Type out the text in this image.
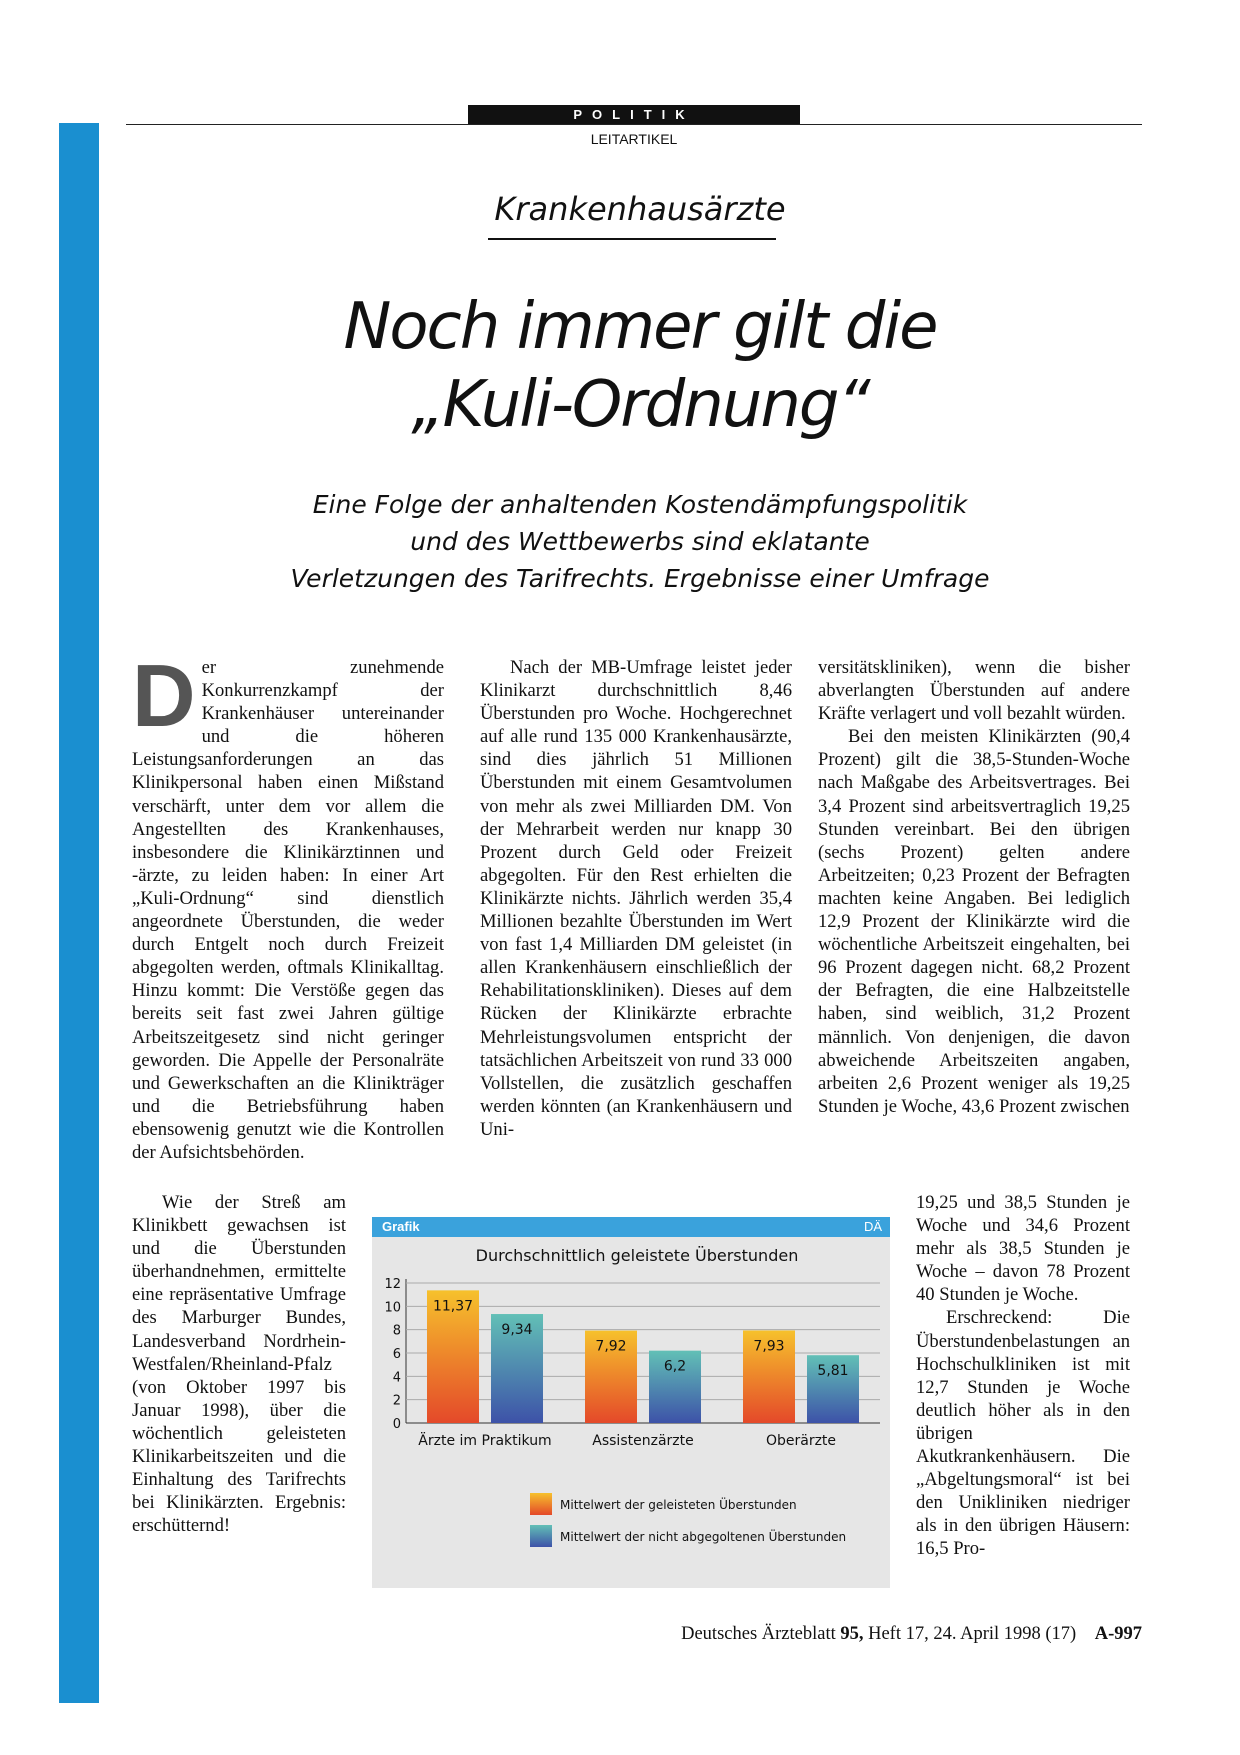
POLITIK
LEITARTIKEL
Krankenhausärzte
Noch immer gilt die
„Kuli-Ordnung“
Eine Folge der anhaltenden Kostendämpfungspolitik
und des Wettbewerbs sind eklatante
Verletzungen des Tarifrechts. Ergebnisse einer Umfrage

Der zunehmende Konkurrenzkampf der Krankenhäuser untereinander und die höheren Leistungsanforderungen an das Klinikpersonal haben einen Mißstand verschärft, unter dem vor allem die Angestellten des Krankenhauses, insbesondere die Klinikärztinnen und -ärzte, zu leiden haben: In einer Art „Kuli-Ordnung“ sind dienstlich angeordnete Überstunden, die weder durch Entgelt noch durch Freizeit abgegolten werden, oftmals Klinikalltag. Hinzu kommt: Die Verstöße gegen das bereits seit fast zwei Jahren gültige Arbeitszeitgesetz sind nicht geringer geworden. Die Appelle der Personalräte und Gewerkschaften an die Klinikträger und die Betriebsführung haben ebensowenig genutzt wie die Kontrollen der Aufsichtsbehörden.

Wie der Streß am Klinikbett gewachsen ist und die Überstunden überhandnehmen, ermittelte eine repräsentative Umfrage des Marburger Bundes, Landesverband Nordrhein-Westfalen/Rheinland-Pfalz (von Oktober 1997 bis Januar 1998), über die wöchentlich geleisteten Klinikarbeitszeiten und die Einhaltung des Tarifrechts bei Klinikärzten. Ergebnis: erschütternd!

Nach der MB-Umfrage leistet jeder Klinikarzt durchschnittlich 8,46 Überstunden pro Woche. Hochgerechnet auf alle rund 135 000 Krankenhausärzte, sind dies jährlich 51 Millionen Überstunden mit einem Gesamtvolumen von mehr als zwei Milliarden DM. Von der Mehrarbeit werden nur knapp 30 Prozent durch Geld oder Freizeit abgegolten. Für den Rest erhielten die Klinikärzte nichts. Jährlich werden 35,4 Millionen bezahlte Überstunden im Wert von fast 1,4 Milliarden DM geleistet (in allen Krankenhäusern einschließlich der Rehabilitationskliniken). Dieses auf dem Rücken der Klinikärzte erbrachte Mehrleistungsvolumen entspricht der tatsächlichen Arbeitszeit von rund 33 000 Vollstellen, die zusätzlich geschaffen werden könnten (an Krankenhäusern und Uni-

versitätskliniken), wenn die bisher abverlangten Überstunden auf andere Kräfte verlagert und voll bezahlt würden.

Bei den meisten Klinikärzten (90,4 Prozent) gilt die 38,5-Stunden-Woche nach Maßgabe des Arbeitsvertrages. Bei 3,4 Prozent sind arbeitsvertraglich 19,25 Stunden vereinbart. Bei den übrigen (sechs Prozent) gelten andere Arbeitzeiten; 0,23 Prozent der Befragten machten keine Angaben. Bei lediglich 12,9 Prozent der Klinikärzte wird die wöchentliche Arbeitszeit eingehalten, bei 96 Prozent dagegen nicht. 68,2 Prozent der Befragten, die eine Halbzeitstelle haben, sind weiblich, 31,2 Prozent männlich. Von denjenigen, die davon abweichende Arbeitszeiten angaben, arbeiten 2,6 Prozent weniger als 19,25 Stunden je Woche, 43,6 Prozent zwischen

19,25 und 38,5 Stunden je Woche und 34,6 Prozent mehr als 38,5 Stunden je Woche – davon 78 Prozent 40 Stunden je Woche.

Erschreckend: Die Überstundenbelastungen an Hochschulkliniken ist mit 12,7 Stunden je Woche deutlich höher als in den übrigen Akutkrankenhäusern. Die „Abgeltungsmoral“ ist bei den Unikliniken niedriger als in den übrigen Häusern: 16,5 Pro-

Grafik	DÄ
Durchschnittlich geleistete Überstunden
0
2
4
6
8
10
12
11,37
9,34
Ärzte im Praktikum
7,92
6,2
Assistenzärzte
7,93
5,81
Oberärzte
Mittelwert der geleisteten Überstunden
Mittelwert der nicht abgegoltenen Überstunden
Deutsches Ärzteblatt 95, Heft 17, 24. April 1998 (17) A-997
